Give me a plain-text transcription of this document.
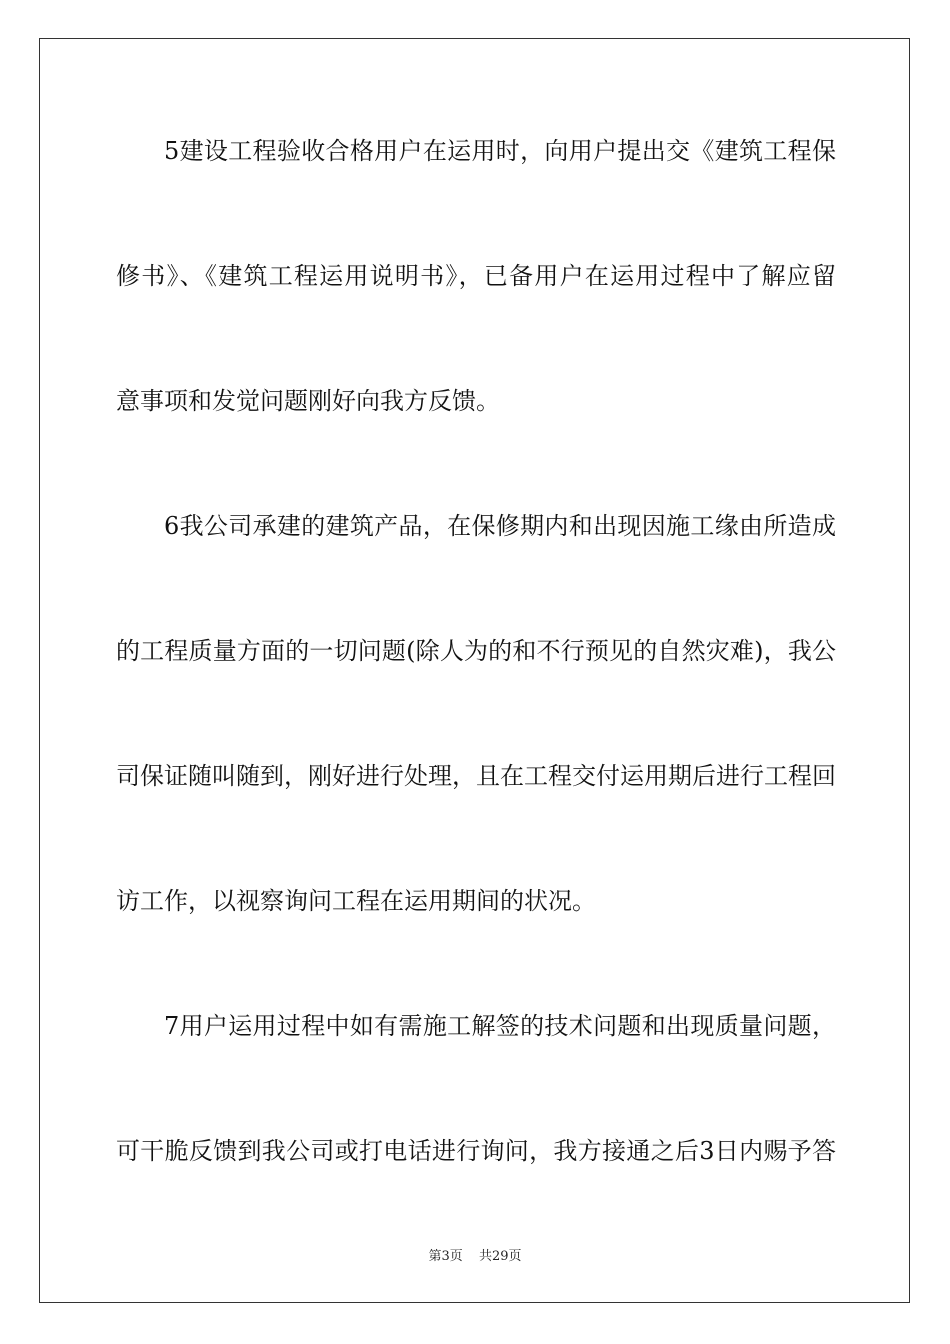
5建设工程验收合格用户在运用时，向用户提出交《建筑工程保
修书》、《建筑工程运用说明书》，已备用户在运用过程中了解应留
意事项和发觉问题刚好向我方反馈。
6我公司承建的建筑产品，在保修期内和出现因施工缘由所造成
的工程质量方面的一切问题(除人为的和不行预见的自然灾难)，我公
司保证随叫随到，刚好进行处理，且在工程交付运用期后进行工程回
访工作，以视察询问工程在运用期间的状况。
7用户运用过程中如有需施工解签的技术问题和出现质量问题，
可干脆反馈到我公司或打电话进行询问，我方接通之后3日内赐予答
第3页 共29页
